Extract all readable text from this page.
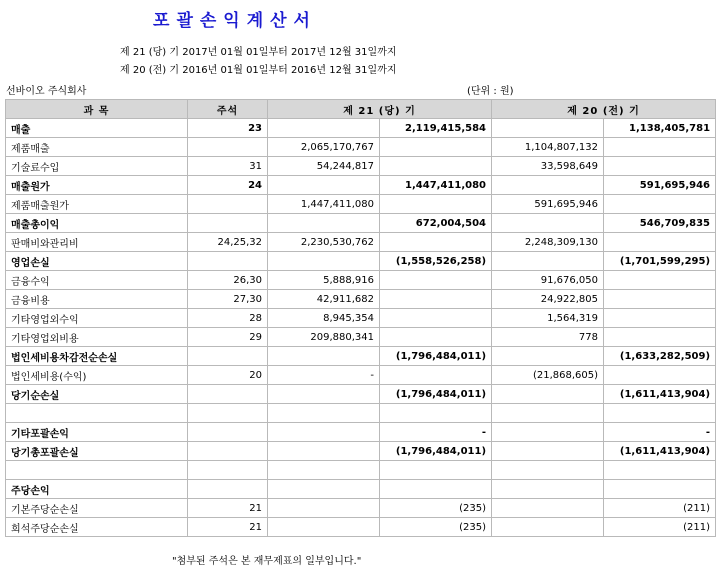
포괄손익계산서
제 21 (당) 기 2017년 01월 01일부터 2017년 12월 31일까지
제 20 (전) 기 2016년 01월 01일부터 2016년 12월 31일까지
선바이오 주식회사	(단위 : 원)
과 목	주석	제 21 (당) 기		제 20 (전) 기	
매출	23		2,119,415,584		1,138,405,781
제품매출		2,065,170,767		1,104,807,132	
기술료수입	31	54,244,817		33,598,649	
매출원가	24		1,447,411,080		591,695,946
제품매출원가		1,447,411,080		591,695,946	
매출총이익			672,004,504		546,709,835
판매비와관리비	24,25,32	2,230,530,762		2,248,309,130	
영업손실			(1,558,526,258)		(1,701,599,295)
금융수익	26,30	5,888,916		91,676,050	
금융비용	27,30	42,911,682		24,922,805	
기타영업외수익	28	8,945,354		1,564,319	
기타영업외비용	29	209,880,341		778	
법인세비용차감전순손실			(1,796,484,011)		(1,633,282,509)
법인세비용(수익)	20	-		(21,868,605)	
당기순손실			(1,796,484,011)		(1,611,413,904)

기타포괄손익			-		-
당기총포괄손실			(1,796,484,011)		(1,611,413,904)

주당손익					
기본주당순손실	21		(235)		(211)
희석주당순손실	21		(235)		(211)
"첨부된 주석은 본 재무제표의 일부입니다."
